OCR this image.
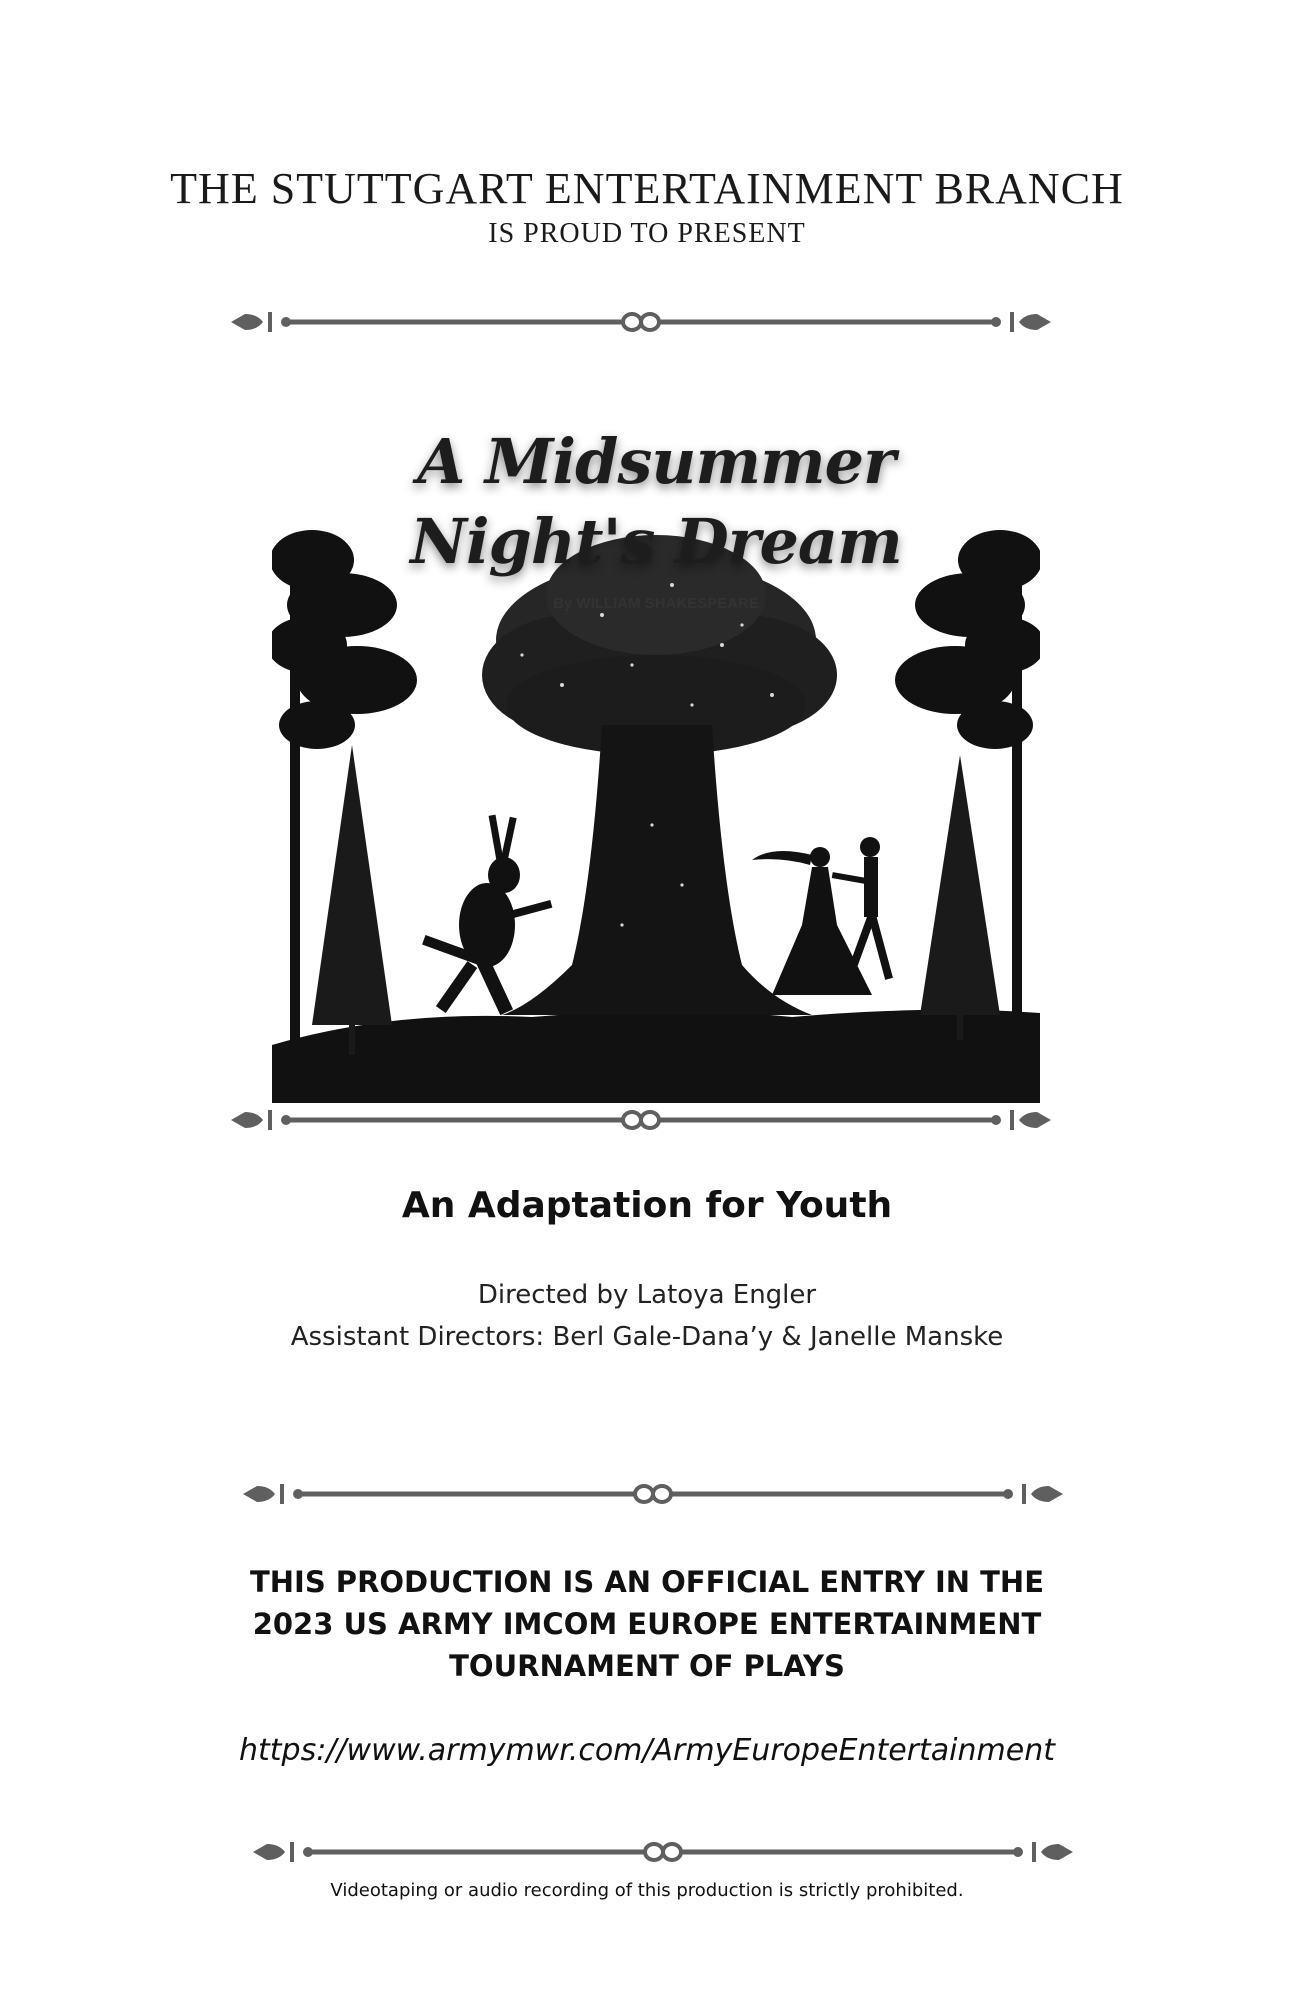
THE STUTTGART ENTERTAINMENT BRANCH
IS PROUD TO PRESENT
A Midsummer
Night's Dream
By WILLIAM SHAKESPEARE
An Adaptation for Youth
Directed by Latoya Engler
Assistant Directors: Berl Gale-Dana’y & Janelle Manske
THIS PRODUCTION IS AN OFFICIAL ENTRY IN THE
2023 US ARMY IMCOM EUROPE ENTERTAINMENT
TOURNAMENT OF PLAYS
https://www.armymwr.com/ArmyEuropeEntertainment
Videotaping or audio recording of this production is strictly prohibited.
